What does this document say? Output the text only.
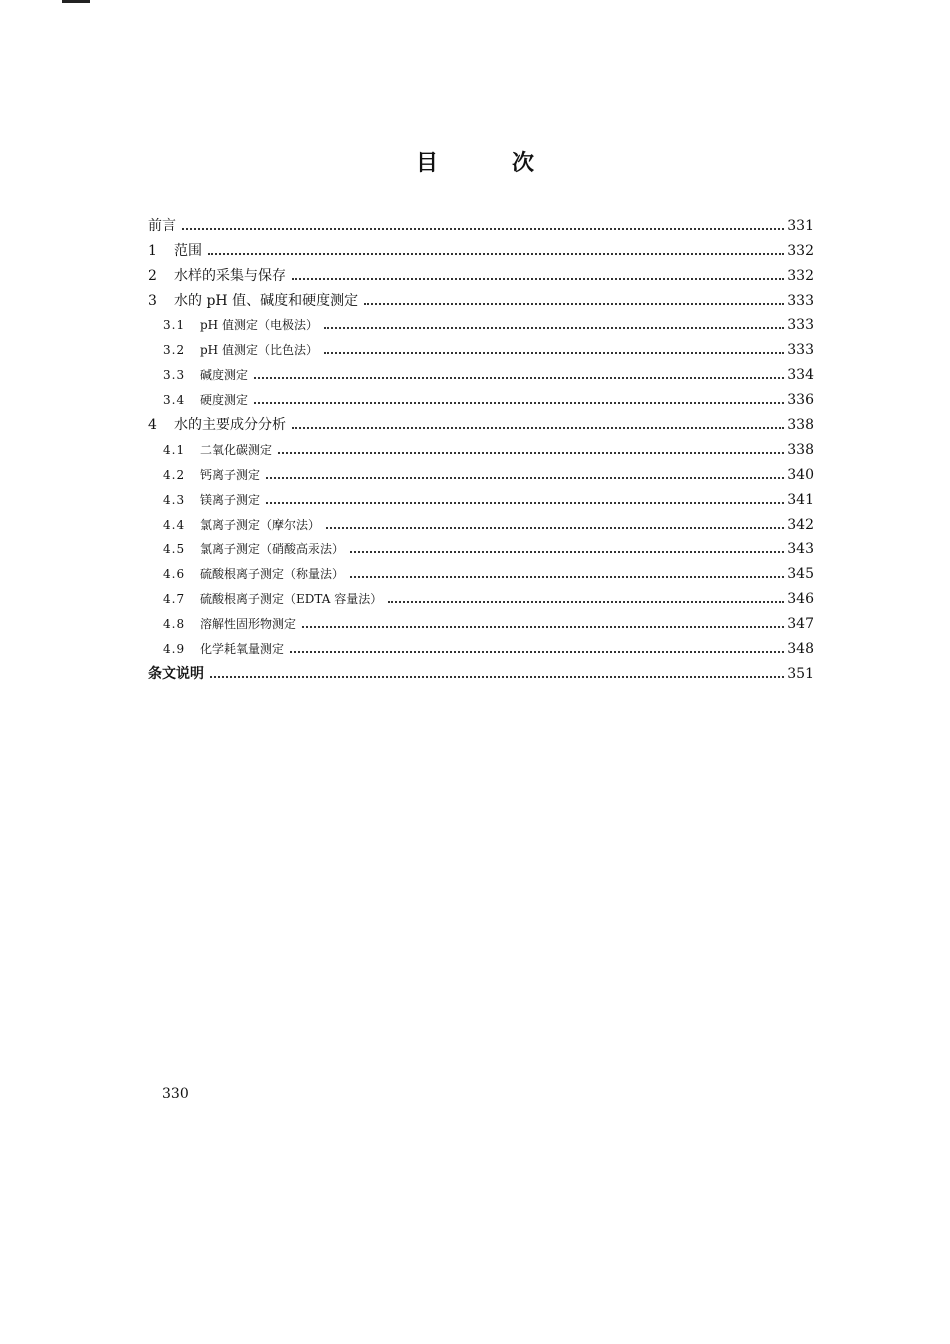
目	次
前言	331
1	范围	332
2	水样的采集与保存	332
3	水的 pH 值、碱度和硬度测定	333
3.1	pH 值测定（电极法）	333
3.2	pH 值测定（比色法）	333
3.3	碱度测定	334
3.4	硬度测定	336
4	水的主要成分分析	338
4.1	二氧化碳测定	338
4.2	钙离子测定	340
4.3	镁离子测定	341
4.4	氯离子测定（摩尔法）	342
4.5	氯离子测定（硝酸高汞法）	343
4.6	硫酸根离子测定（称量法）	345
4.7	硫酸根离子测定（EDTA 容量法）	346
4.8	溶解性固形物测定	347
4.9	化学耗氧量测定	348
条文说明	351
330
